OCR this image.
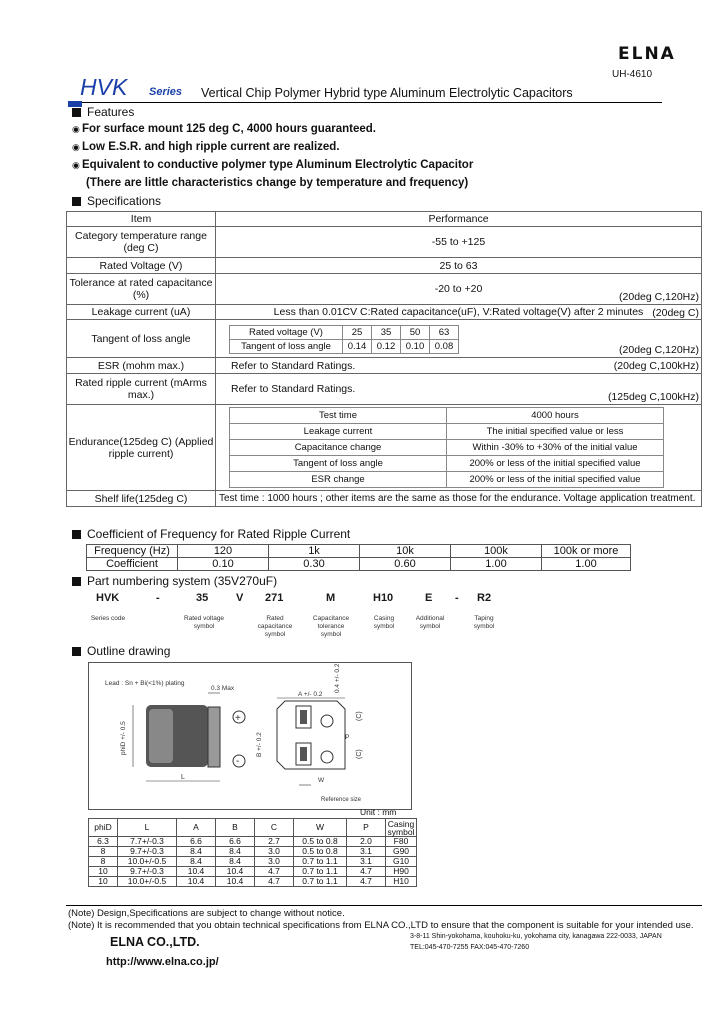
ELNA
UH-4610
HVK Series Vertical Chip Polymer Hybrid type Aluminum Electrolytic Capacitors
Features
◉ For surface mount 125 deg C, 4000 hours guaranteed.
◉ Low E.S.R. and high ripple current are realized.
◉ Equivalent to conductive polymer type Aluminum Electrolytic Capacitor
(There are little characteristics change by temperature and frequency)
Specifications
Item	Performance
Category temperature range (deg C)	-55 to +125
Rated Voltage (V)	25 to 63
Tolerance at rated capacitance (%)	-20 to +20
(20deg C,120Hz)

Leakage current (uA)	Less than 0.01CV C:Rated capacitance(uF), V:Rated voltage(V) after 2 minutes (20deg C)

Tangent of loss angle		Rated voltage (V)	25	35	50	63
Tangent of loss angle	0.14	0.12	0.10	0.08	(20deg C,120Hz)

ESR (mohm max.)	Refer to Standard Ratings.	(20deg C,100kHz)

Rated ripple current (mArms max.)	Refer to Standard Ratings.
(125deg C,100kHz)

Endurance(125deg C) (Applied ripple current)	
Test time	4000 hours
Leakage current	The initial specified value or less
Capacitance change	Within -30% to +30% of the initial value
Tangent of loss angle	200% or less of the initial specified value
ESR change	200% or less of the initial specified value

Shelf life(125deg C)	Test time : 1000 hours ; other items are the same as those for the endurance. Voltage application treatment.
Coefficient of Frequency for Rated Ripple Current
Frequency (Hz)	120	1k	10k	100k	100k or more
Coefficient	0.10	0.30	0.60	1.00	1.00
Part numbering system (35V270uF)
HVK	-	35	V 271	M	H10	E - R2
Series code	Rated voltage symbol
Rated capacitance symbol
Capacitance tolerance symbol
Casing symbol
Additional symbol
Taping symbol
Outline drawing
Lead : Sn + Bi(<1%) plating
0.3 Max
phiD +/- 0.5
L
+
-
A +/- 0.2
B +/- 0.2
0.4 +/- 0.2
(C)
(C)
P
W
Reference size
Unit : mm
phiD	L	A	B	C	W	P	Casing symbol
6.3	7.7+/-0.3	6.6	6.6	2.7	0.5 to 0.8	2.0	F80
8	9.7+/-0.3	8.4	8.4	3.0	0.5 to 0.8	3.1	G90
8	10.0+/-0.5	8.4	8.4	3.0	0.7 to 1.1	3.1	G10
10	9.7+/-0.3	10.4	10.4	4.7	0.7 to 1.1	4.7	H90
10	10.0+/-0.5	10.4	10.4	4.7	0.7 to 1.1	4.7	H10
(Note) Design,Specifications are subject to change without notice.
(Note) It is recommended that you obtain technical specifications from ELNA CO.,LTD to ensure that the component is suitable for your intended use.
ELNA CO.,LTD.
http://www.elna.co.jp/
3-8-11 Shin-yokohama, kouhoku-ku, yokohama city, kanagawa 222-0033, JAPAN
TEL:045-470-7255 FAX:045-470-7260
